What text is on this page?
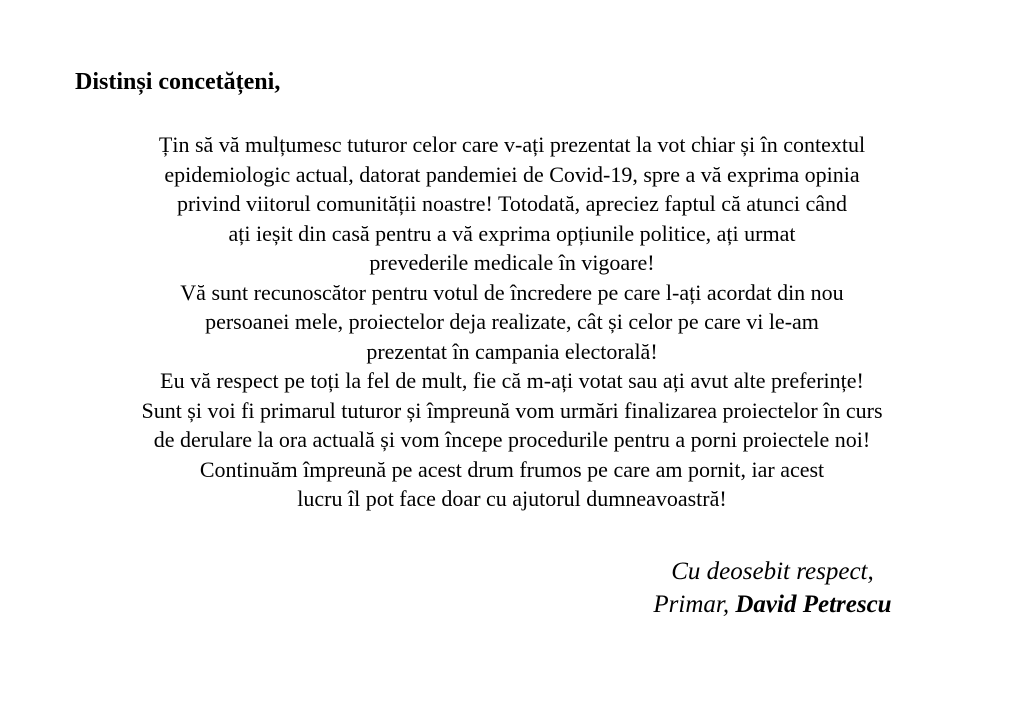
Distinși concetățeni,
Țin să vă mulțumesc tuturor celor care v-ați prezentat la vot chiar și în contextul
epidemiologic actual, datorat pandemiei de Covid-19, spre a vă exprima opinia
privind viitorul comunității noastre! Totodată, apreciez faptul că atunci când
ați ieșit din casă pentru a vă exprima opțiunile politice, ați urmat
prevederile medicale în vigoare!
Vă sunt recunoscător pentru votul de încredere pe care l-ați acordat din nou
persoanei mele, proiectelor deja realizate, cât și celor pe care vi le-am
prezentat în campania electorală!
Eu vă respect pe toți la fel de mult, fie că m-ați votat sau ați avut alte preferințe!
Sunt și voi fi primarul tuturor și împreună vom urmări finalizarea proiectelor în curs
de derulare la ora actuală și vom începe procedurile pentru a porni proiectele noi!
Continuăm împreună pe acest drum frumos pe care am pornit, iar acest
lucru îl pot face doar cu ajutorul dumneavoastră!
Cu deosebit respect,
Primar, David Petrescu
